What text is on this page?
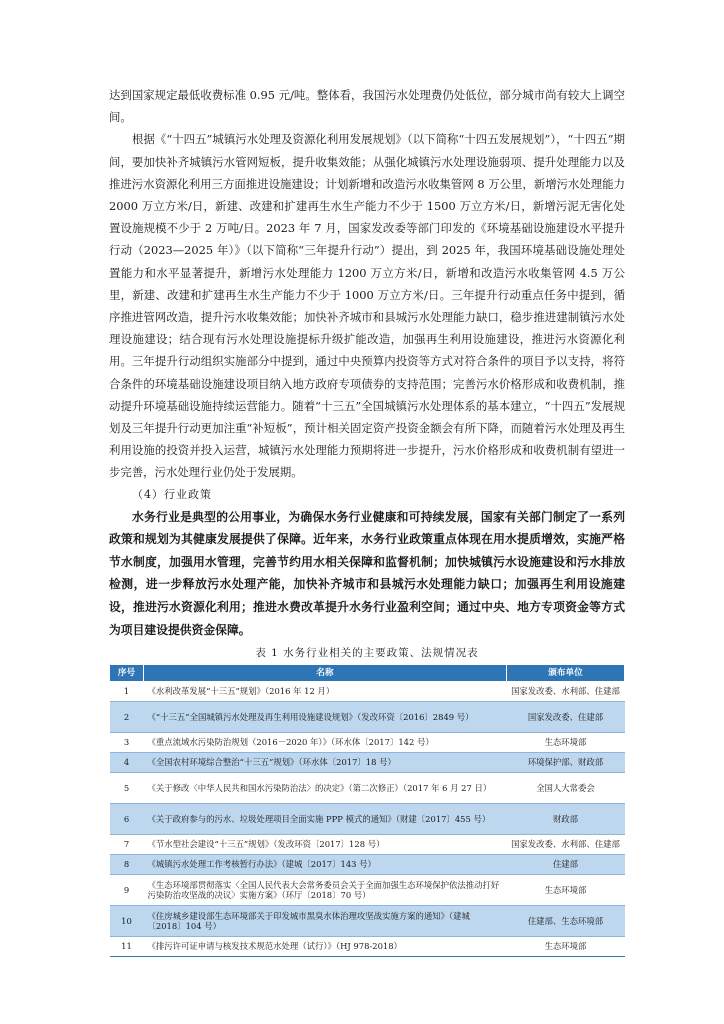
达到国家规定最低收费标准 0.95 元/吨。整体看，我国污水处理费仍处低位，部分城市尚有较大上调空间。

根据《“十四五”城镇污水处理及资源化利用发展规划》（以下简称“十四五发展规划”），“十四五”期间，要加快补齐城镇污水管网短板，提升收集效能；从强化城镇污水处理设施弱项、提升处理能力以及推进污水资源化利用三方面推进设施建设；计划新增和改造污水收集管网 8 万公里，新增污水处理能力 2000 万立方米/日，新建、改建和扩建再生水生产能力不少于 1500 万立方米/日，新增污泥无害化处置设施规模不少于 2 万吨/日。2023 年 7 月，国家发改委等部门印发的《环境基础设施建设水平提升行动（2023—2025 年）》（以下简称“三年提升行动”）提出，到 2025 年，我国环境基础设施处理处置能力和水平显著提升，新增污水处理能力 1200 万立方米/日，新增和改造污水收集管网 4.5 万公里，新建、改建和扩建再生水生产能力不少于 1000 万立方米/日。三年提升行动重点任务中提到，循序推进管网改造，提升污水收集效能；加快补齐城市和县城污水处理能力缺口，稳步推进建制镇污水处理设施建设；结合现有污水处理设施提标升级扩能改造，加强再生利用设施建设，推进污水资源化利用。三年提升行动组织实施部分中提到，通过中央预算内投资等方式对符合条件的项目予以支持，将符合条件的环境基础设施建设项目纳入地方政府专项债券的支持范围；完善污水价格形成和收费机制，推动提升环境基础设施持续运营能力。随着“十三五”全国城镇污水处理体系的基本建立，“十四五”发展规划及三年提升行动更加注重“补短板”，预计相关固定资产投资金额会有所下降，而随着污水处理及再生利用设施的投资并投入运营，城镇污水处理能力预期将进一步提升，污水价格形成和收费机制有望进一步完善，污水处理行业仍处于发展期。

（4）行业政策

水务行业是典型的公用事业，为确保水务行业健康和可持续发展，国家有关部门制定了一系列政策和规划为其健康发展提供了保障。近年来，水务行业政策重点体现在用水提质增效，实施严格节水制度，加强用水管理，完善节约用水相关保障和监督机制；加快城镇污水设施建设和污水排放检测，进一步释放污水处理产能，加快补齐城市和县城污水处理能力缺口；加强再生利用设施建设，推进污水资源化利用；推进水费改革提升水务行业盈利空间；通过中央、地方专项资金等方式为项目建设提供资金保障。

表 1 水务行业相关的主要政策、法规情况表
序号	名称	颁布单位
1	《水利改革发展“十三五”规划》（2016 年 12 月）	国家发改委、水利部、住建部
2	《“十三五”全国城镇污水处理及再生利用设施建设规划》（发改环资〔2016〕2849 号）	国家发改委、住建部
3	《重点流域水污染防治规划（2016－2020 年）》（环水体〔2017〕142 号）	生态环境部
4	《全国农村环境综合整治“十三五”规划》（环水体〔2017〕18 号）	环境保护部、财政部
5	《关于修改〈中华人民共和国水污染防治法〉的决定》（第二次修正）（2017 年 6 月 27 日）	全国人大常委会
6	《关于政府参与的污水、垃圾处理项目全面实施 PPP 模式的通知》（财建〔2017〕455 号）	财政部
7	《节水型社会建设“十三五”规划》（发改环资〔2017〕128 号）	国家发改委、水利部、住建部
8	《城镇污水处理工作考核暂行办法》（建城〔2017〕143 号）	住建部
9	《生态环境部贯彻落实〈全国人民代表大会常务委员会关于全面加强生态环境保护依法推动打好污染防治攻坚战的决议〉实施方案》（环厅〔2018〕70 号）	生态环境部
10	《住房城乡建设部生态环境部关于印发城市黑臭水体治理攻坚战实施方案的通知》（建城〔2018〕104 号）	住建部、生态环境部
11	《排污许可证申请与核发技术规范水处理（试行）》（HJ 978-2018）	生态环境部
